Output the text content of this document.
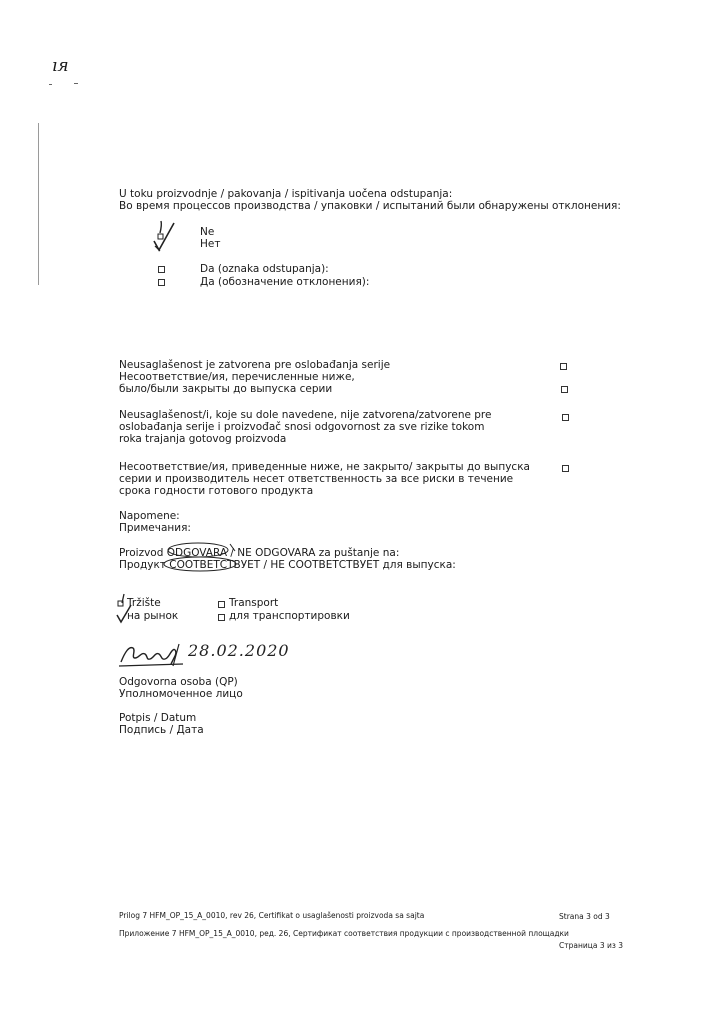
ıя
U toku proizvodnje / pakovanja / ispitivanja uočena odstupanja:
Во время процессов производства / упаковки / испытаний были обнаружены отклонения:
Ne
Нет
Da (oznaka odstupanja):
Да (обозначение отклонения):
Neusaglašenost je zatvorena pre oslobađanja serije
Несоответствие/ия, перечисленные ниже,
было/были закрыты до выпуска серии
Neusaglašenost/i, koje su dole navedene, nije zatvorena/zatvorene pre
oslobađanja serije i proizvođač snosi odgovornost za sve rizike tokom
roka trajanja gotovog proizvoda
Несоответствие/ия, приведенные ниже, не закрыто/ закрыты до выпуска
серии и производитель несет ответственность за все риски в течение
срока годности готового продукта
Napomene:
Примечания:
Proizvod ODGOVARA / NE ODGOVARA za puštanje na:
Продукт СООТВЕТСТВУЕТ / НЕ СООТВЕТСТВУЕТ для выпуска:
Tržište
на рынок
Transport
для транспортировки
28.02.2020
Odgovorna osoba (QP)
Уполномоченное лицо
Potpis / Datum
Подпись / Дата
Prilog 7 HFM_OP_15_A_0010, rev 26, Certifikat o usaglašenosti proizvoda sa sajta	Strana 3 od 3
Приложение 7 HFM_OP_15_A_0010, ред. 26, Сертификат соответствия продукции с производственной площадки
Страница 3 из 3
